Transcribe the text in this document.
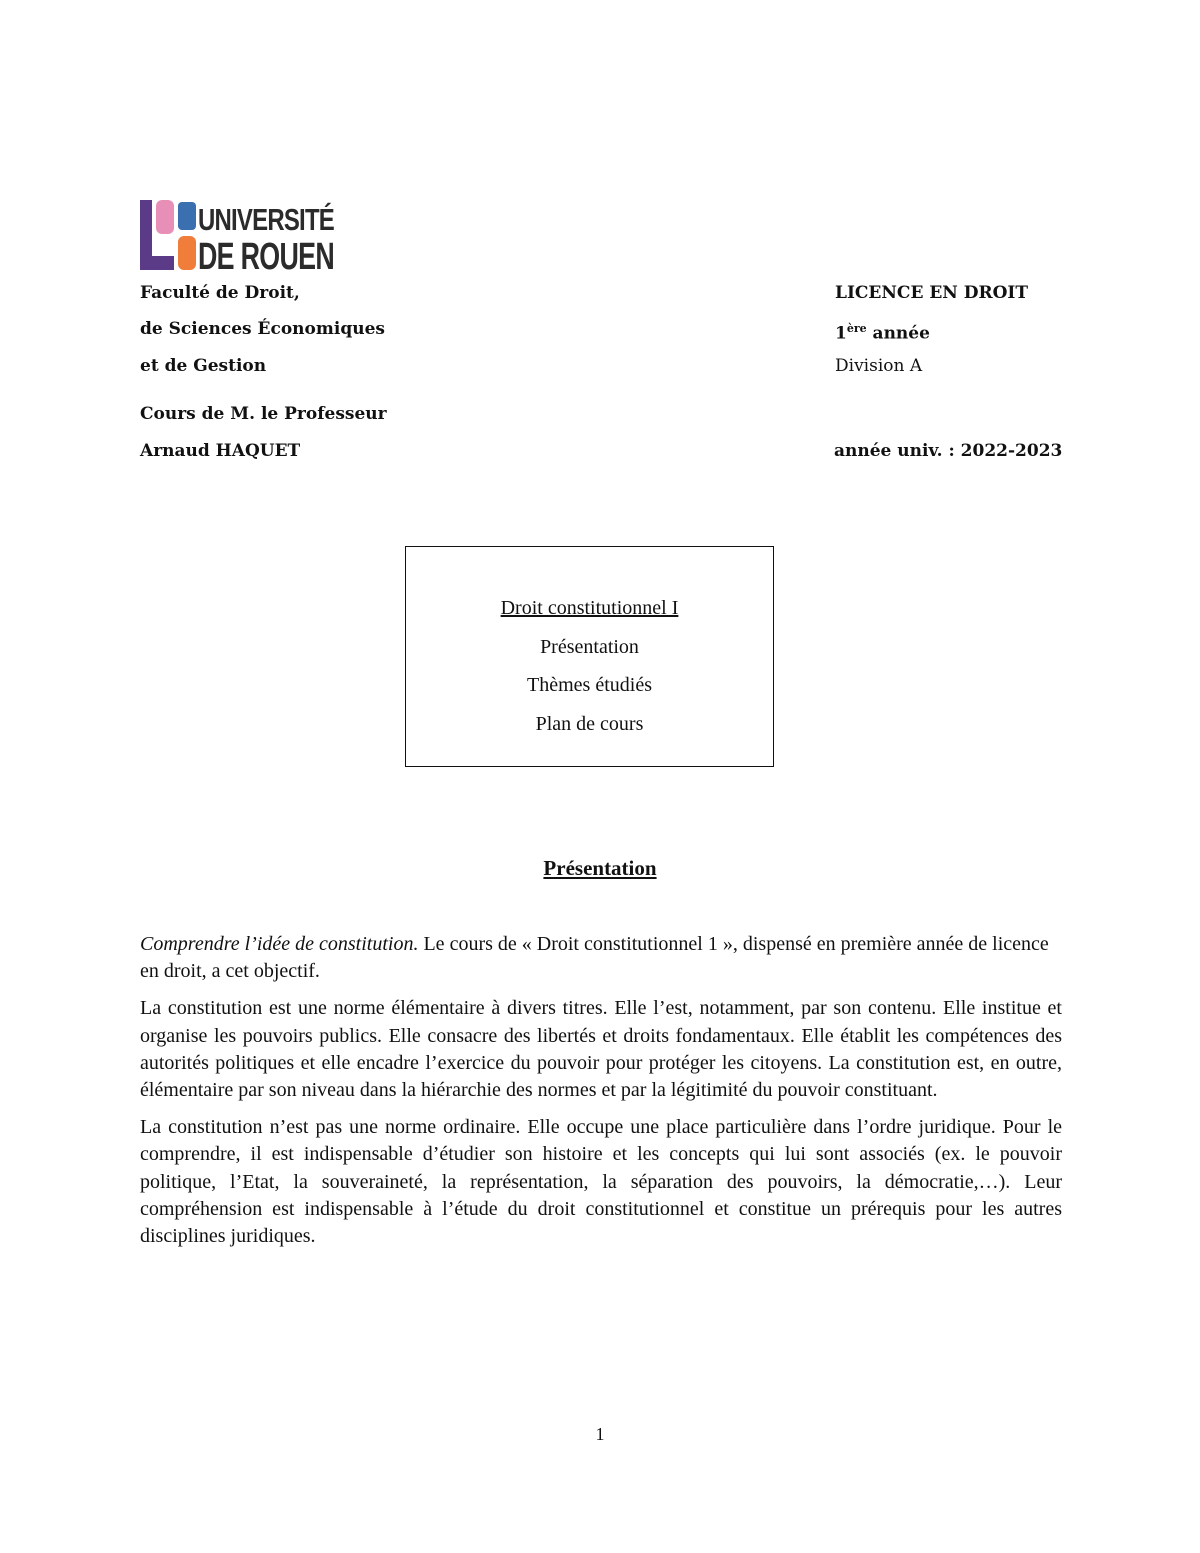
UNIVERSITÉ
DE ROUEN
Faculté de Droit,
de Sciences Économiques
et de Gestion
Cours de M. le Professeur
Arnaud HAQUET
LICENCE EN DROIT
1ère année
Division A
année univ. : 2022-2023
Droit constitutionnel I
Présentation
Thèmes étudiés
Plan de cours
Présentation

Comprendre l’idée de constitution. Le cours de « Droit constitutionnel 1 », dispensé en première année de licence en droit, a cet objectif.

La constitution est une norme élémentaire à divers titres. Elle l’est, notamment, par son contenu. Elle institue et organise les pouvoirs publics. Elle consacre des libertés et droits fondamentaux. Elle établit les compétences des autorités politiques et elle encadre l’exercice du pouvoir pour protéger les citoyens. La constitution est, en outre, élémentaire par son niveau dans la hiérarchie des normes et par la légitimité du pouvoir constituant.

La constitution n’est pas une norme ordinaire. Elle occupe une place particulière dans l’ordre juridique. Pour le comprendre, il est indispensable d’étudier son histoire et les concepts qui lui sont associés (ex. le pouvoir politique, l’Etat, la souveraineté, la représentation, la séparation des pouvoirs, la démocratie,…). Leur compréhension est indispensable à l’étude du droit constitutionnel et constitue un prérequis pour les autres disciplines juridiques.

1
